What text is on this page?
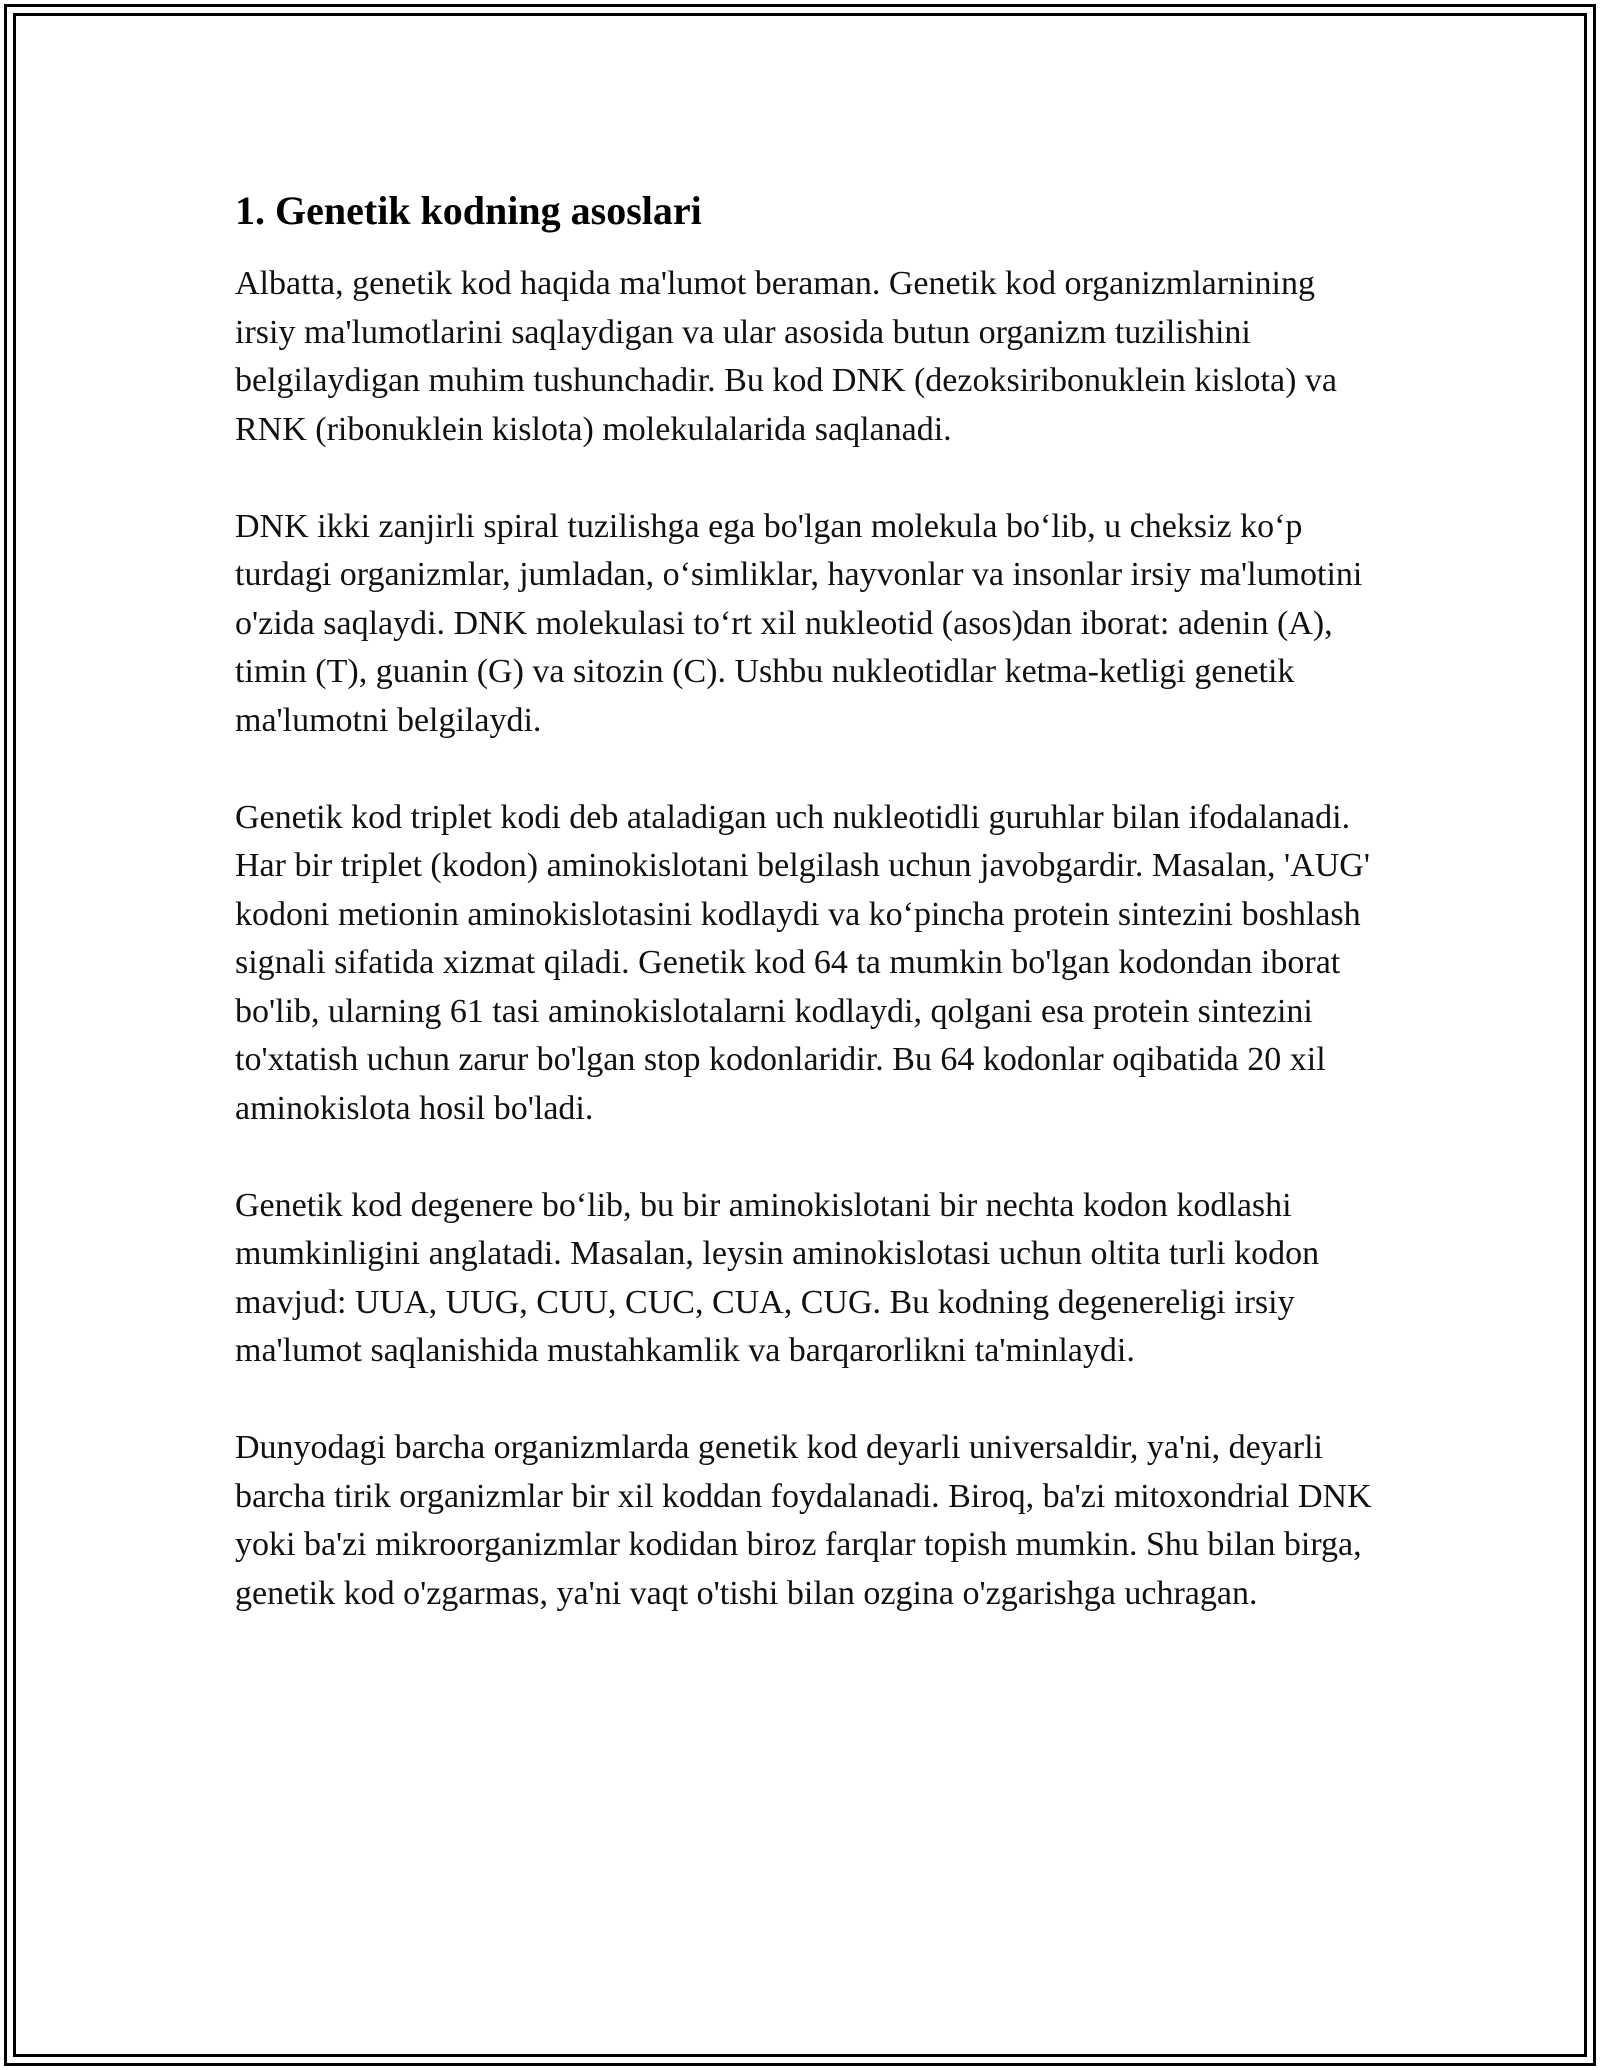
1. Genetik kodning asoslari

Albatta, genetik kod haqida ma'lumot beraman. Genetik kod organizmlarnining irsiy ma'lumotlarini saqlaydigan va ular asosida butun organizm tuzilishini belgilaydigan muhim tushunchadir. Bu kod DNK (dezoksiribonuklein kislota) va RNK (ribonuklein kislota) molekulalarida saqlanadi.

DNK ikki zanjirli spiral tuzilishga ega bo'lgan molekula bo‘lib, u cheksiz ko‘p turdagi organizmlar, jumladan, o‘simliklar, hayvonlar va insonlar irsiy ma'lumotini o'zida saqlaydi. DNK molekulasi to‘rt xil nukleotid (asos)dan iborat: adenin (A), timin (T), guanin (G) va sitozin (C). Ushbu nukleotidlar ketma-ketligi genetik ma'lumotni belgilaydi.

Genetik kod triplet kodi deb ataladigan uch nukleotidli guruhlar bilan ifodalanadi. Har bir triplet (kodon) aminokislotani belgilash uchun javobgardir. Masalan, 'AUG' kodoni metionin aminokislotasini kodlaydi va ko‘pincha protein sintezini boshlash signali sifatida xizmat qiladi. Genetik kod 64 ta mumkin bo'lgan kodondan iborat bo'lib, ularning 61 tasi aminokislotalarni kodlaydi, qolgani esa protein sintezini to'xtatish uchun zarur bo'lgan stop kodonlaridir. Bu 64 kodonlar oqibatida 20 xil aminokislota hosil bo'ladi.

Genetik kod degenere bo‘lib, bu bir aminokislotani bir nechta kodon kodlashi mumkinligini anglatadi. Masalan, leysin aminokislotasi uchun oltita turli kodon mavjud: UUA, UUG, CUU, CUC, CUA, CUG. Bu kodning degenereligi irsiy ma'lumot saqlanishida mustahkamlik va barqarorlikni ta'minlaydi.

Dunyodagi barcha organizmlarda genetik kod deyarli universaldir, ya'ni, deyarli barcha tirik organizmlar bir xil koddan foydalanadi. Biroq, ba'zi mitoxondrial DNK yoki ba'zi mikroorganizmlar kodidan biroz farqlar topish mumkin. Shu bilan birga, genetik kod o'zgarmas, ya'ni vaqt o'tishi bilan ozgina o'zgarishga uchragan.
